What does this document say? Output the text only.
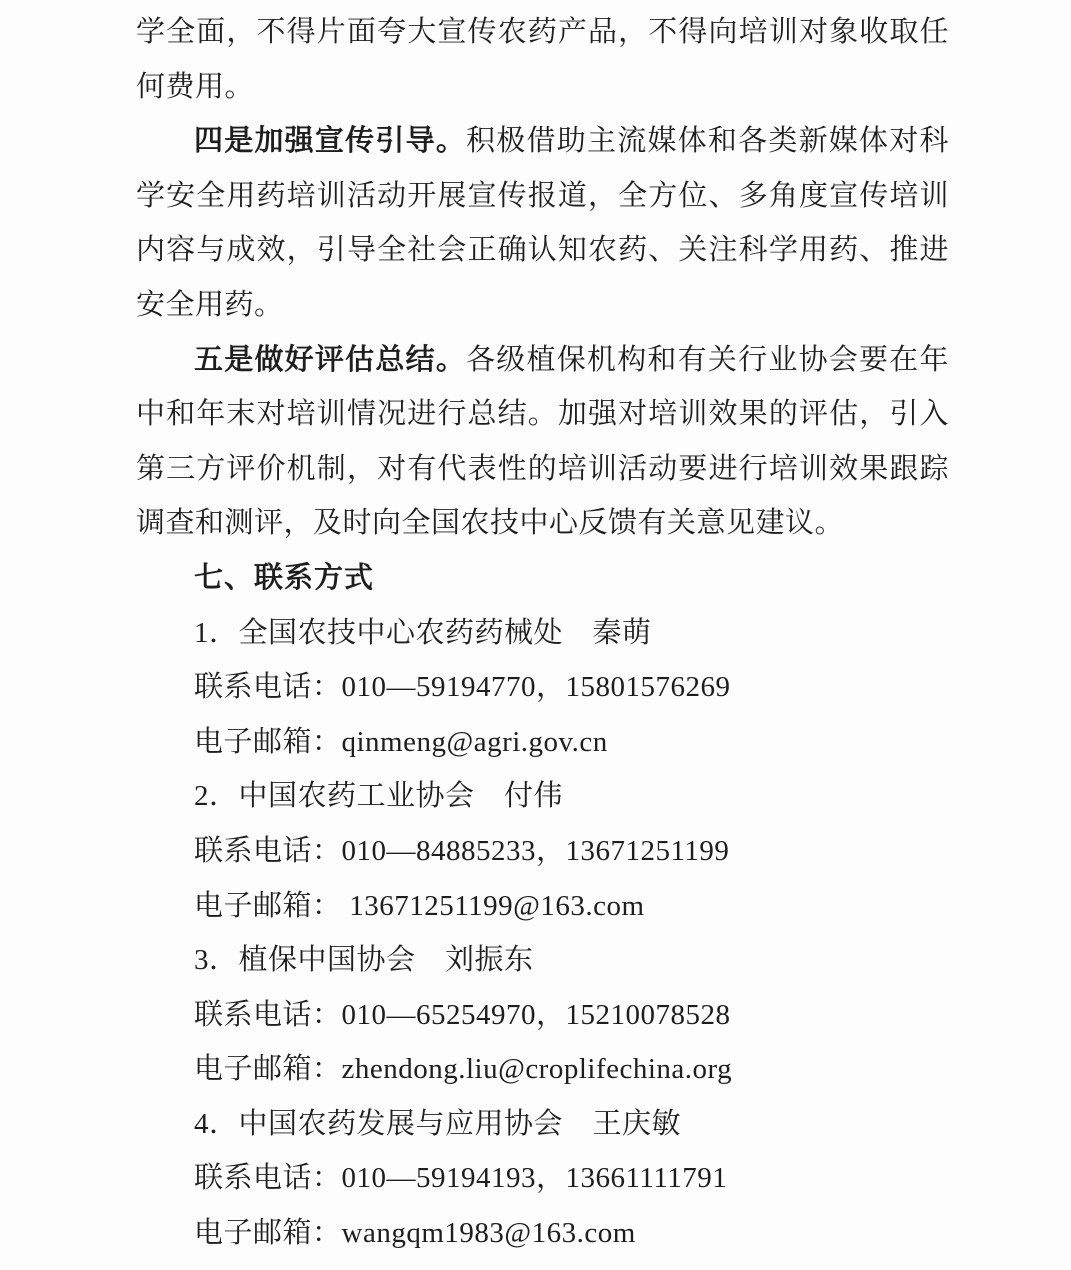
学全面，不得片面夸大宣传农药产品，不得向培训对象收取任何费用。

四是加强宣传引导。积极借助主流媒体和各类新媒体对科学安全用药培训活动开展宣传报道，全方位、多角度宣传培训内容与成效，引导全社会正确认知农药、关注科学用药、推进安全用药。

五是做好评估总结。各级植保机构和有关行业协会要在年中和年末对培训情况进行总结。加强对培训效果的评估，引入第三方评价机制，对有代表性的培训活动要进行培训效果跟踪调查和测评，及时向全国农技中心反馈有关意见建议。

七、联系方式

1．全国农技中心农药药械处　秦萌

联系电话：010—59194770，15801576269

电子邮箱：qinmeng@agri.gov.cn

2．中国农药工业协会　付伟

联系电话：010—84885233，13671251199

电子邮箱： 13671251199@163.com

3．植保中国协会　刘振东

联系电话：010—65254970，15210078528

电子邮箱：zhendong.liu@croplifechina.org

4．中国农药发展与应用协会　王庆敏

联系电话：010—59194193，13661111791

电子邮箱：wangqm1983@163.com
